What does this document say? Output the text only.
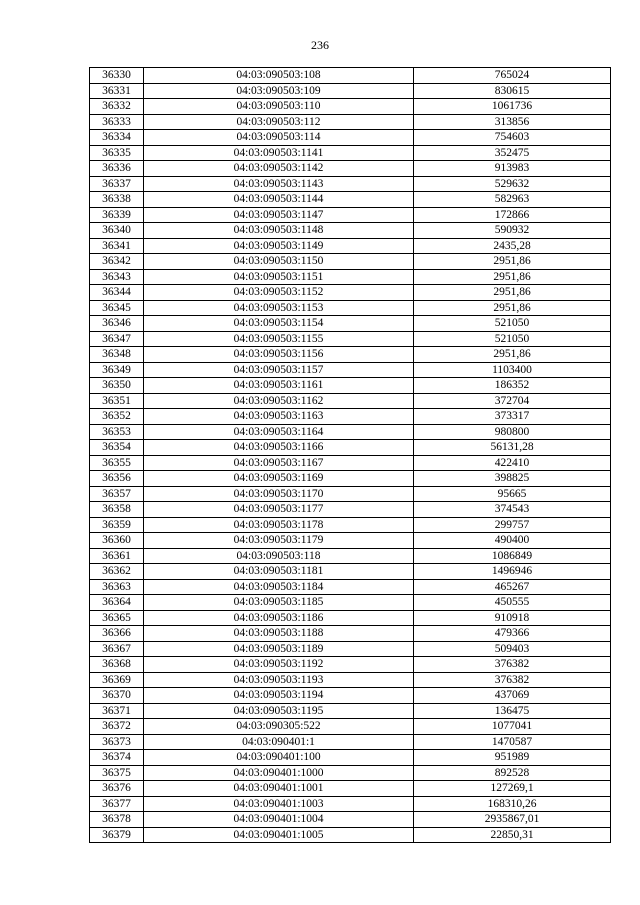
236
36330	04:03:090503:108	765024
36331	04:03:090503:109	830615
36332	04:03:090503:110	1061736
36333	04:03:090503:112	313856
36334	04:03:090503:114	754603
36335	04:03:090503:1141	352475
36336	04:03:090503:1142	913983
36337	04:03:090503:1143	529632
36338	04:03:090503:1144	582963
36339	04:03:090503:1147	172866
36340	04:03:090503:1148	590932
36341	04:03:090503:1149	2435,28
36342	04:03:090503:1150	2951,86
36343	04:03:090503:1151	2951,86
36344	04:03:090503:1152	2951,86
36345	04:03:090503:1153	2951,86
36346	04:03:090503:1154	521050
36347	04:03:090503:1155	521050
36348	04:03:090503:1156	2951,86
36349	04:03:090503:1157	1103400
36350	04:03:090503:1161	186352
36351	04:03:090503:1162	372704
36352	04:03:090503:1163	373317
36353	04:03:090503:1164	980800
36354	04:03:090503:1166	56131,28
36355	04:03:090503:1167	422410
36356	04:03:090503:1169	398825
36357	04:03:090503:1170	95665
36358	04:03:090503:1177	374543
36359	04:03:090503:1178	299757
36360	04:03:090503:1179	490400
36361	04:03:090503:118	1086849
36362	04:03:090503:1181	1496946
36363	04:03:090503:1184	465267
36364	04:03:090503:1185	450555
36365	04:03:090503:1186	910918
36366	04:03:090503:1188	479366
36367	04:03:090503:1189	509403
36368	04:03:090503:1192	376382
36369	04:03:090503:1193	376382
36370	04:03:090503:1194	437069
36371	04:03:090503:1195	136475
36372	04:03:090305:522	1077041
36373	04:03:090401:1	1470587
36374	04:03:090401:100	951989
36375	04:03:090401:1000	892528
36376	04:03:090401:1001	127269,1
36377	04:03:090401:1003	168310,26
36378	04:03:090401:1004	2935867,01
36379	04:03:090401:1005	22850,31
